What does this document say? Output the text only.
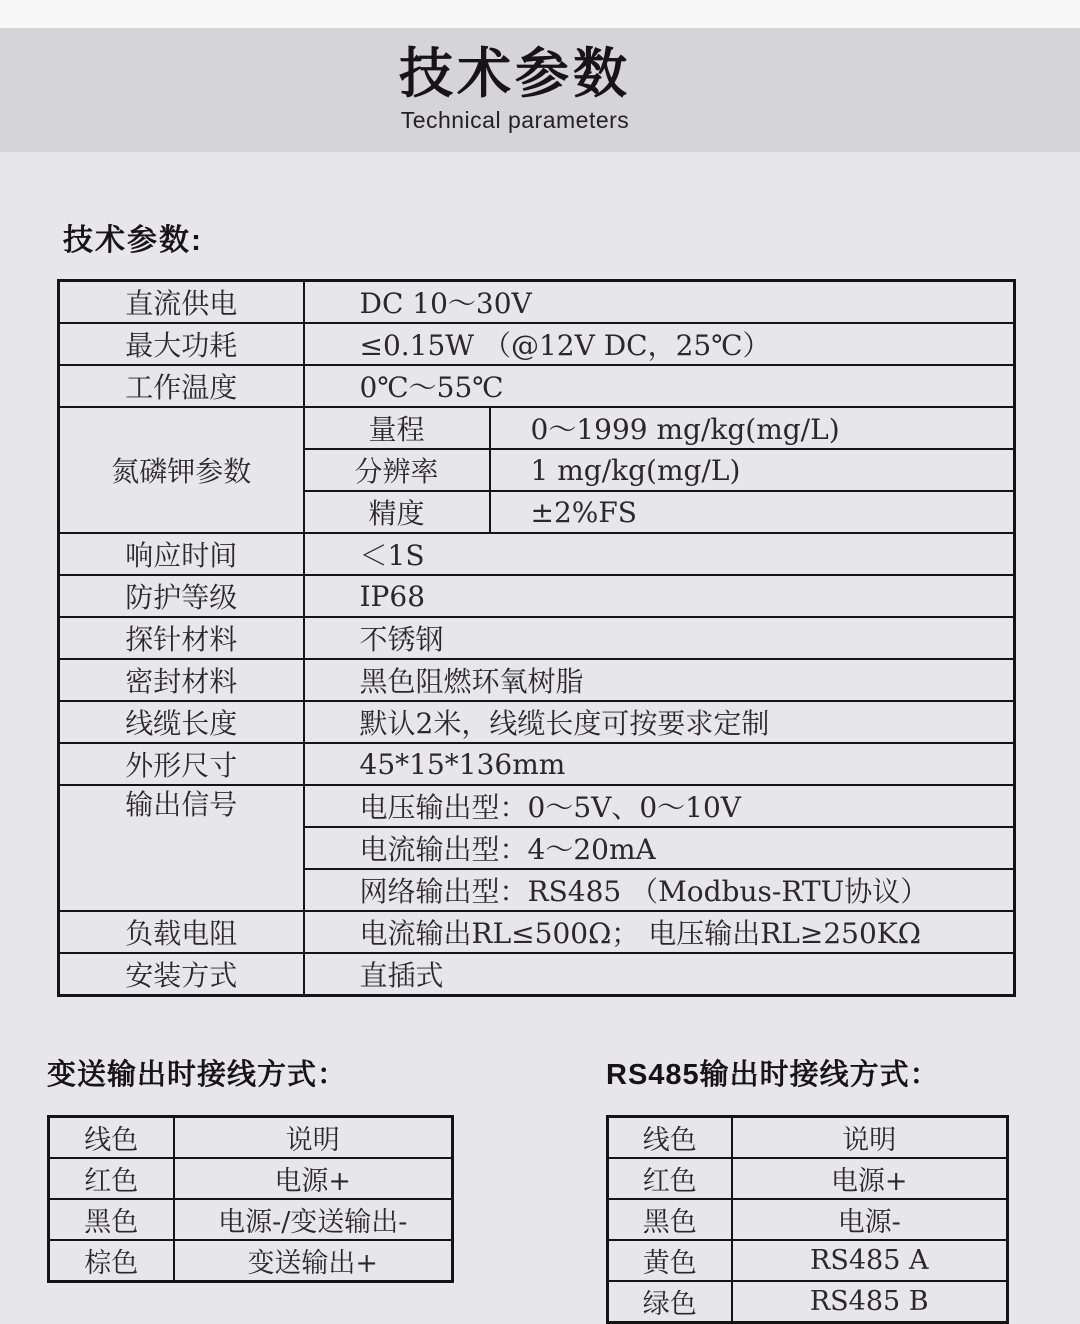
技术参数
Technical parameters
技术参数:
直流供电	DC 10～30V	
最大功耗	≤0.15W （@12V DC，25℃）	
工作温度	0℃～55℃	
氮磷钾参数	量程	0～1999 mg/kg(mg/L)
	分辨率	1 mg/kg(mg/L)
	精度	±2%FS
响应时间	＜1S	
防护等级	IP68	
探针材料	不锈钢	
密封材料	黑色阻燃环氧树脂	
线缆长度	默认2米，线缆长度可按要求定制	
外形尺寸	45*15*136mm	
输出信号	电压输出型：0～5V、0～10V	
	电流输出型：4～20mA	
	网络输出型：RS485 （Modbus-RTU协议）	
负载电阻	电流输出RL≤500Ω； 电压输出RL≥250KΩ	
安装方式	直插式	
变送输出时接线方式：
线色	说明
红色	电源+
黑色	电源-/变送输出-
棕色	变送输出+
RS485输出时接线方式：
线色	说明
红色	电源+
黑色	电源-
黄色	RS485 A
绿色	RS485 B
